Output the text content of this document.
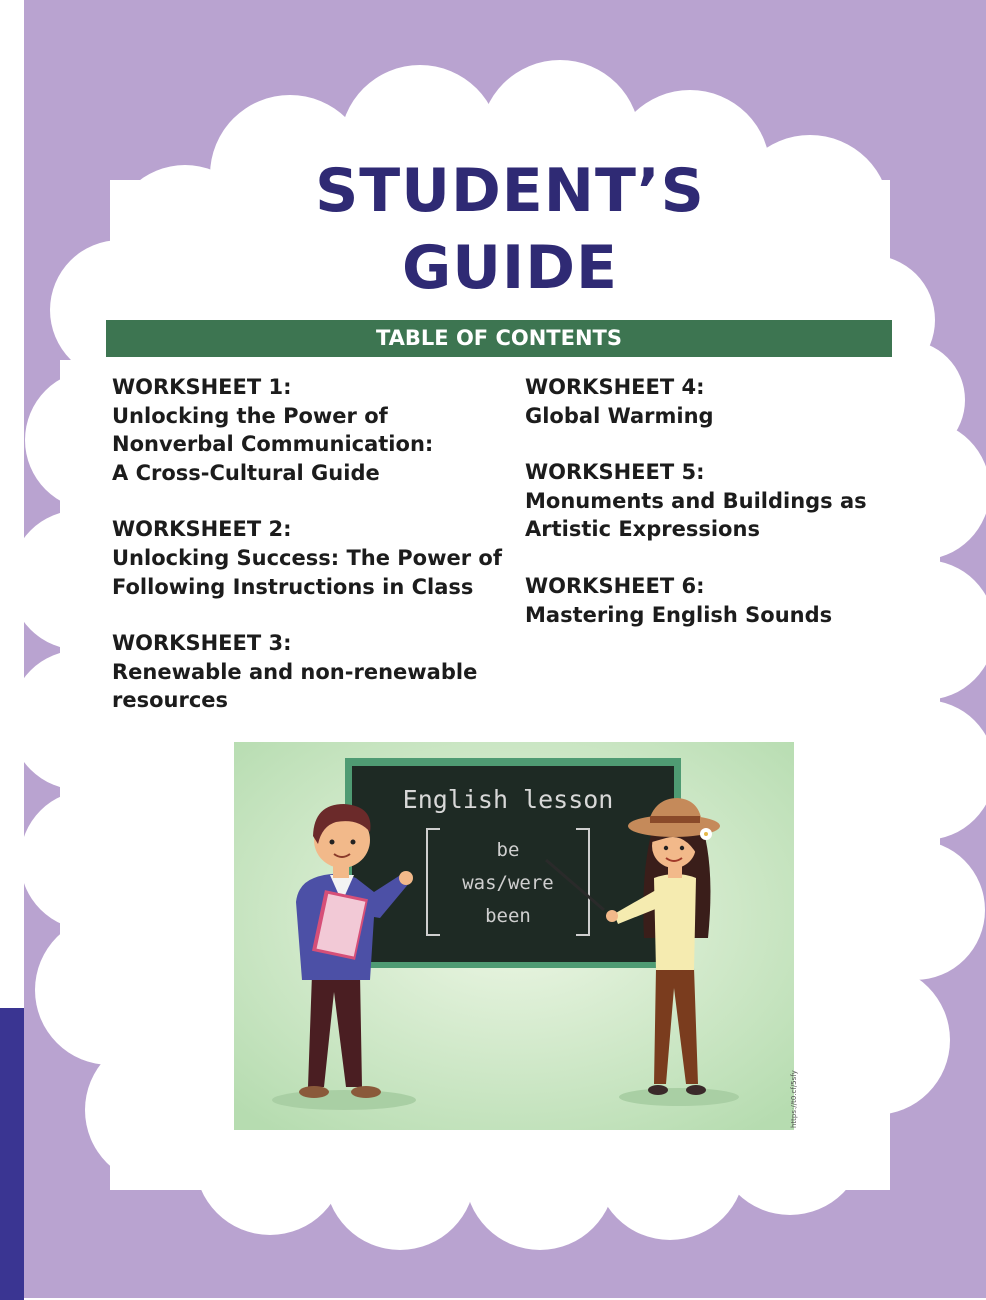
STUDENT’S
GUIDE
TABLE OF CONTENTS
WORKSHEET 1:
Unlocking the Power of
Nonverbal Communication:
A Cross-Cultural Guide
WORKSHEET 2:
Unlocking Success: The Power of
Following Instructions in Class
WORKSHEET 3:
Renewable and non-renewable
resources
WORKSHEET 4:
Global Warming
WORKSHEET 5:
Monuments and Buildings as
Artistic Expressions
WORKSHEET 6:
Mastering English Sounds
English lesson
be
was/were
been
https://t0.cf/5sfy
